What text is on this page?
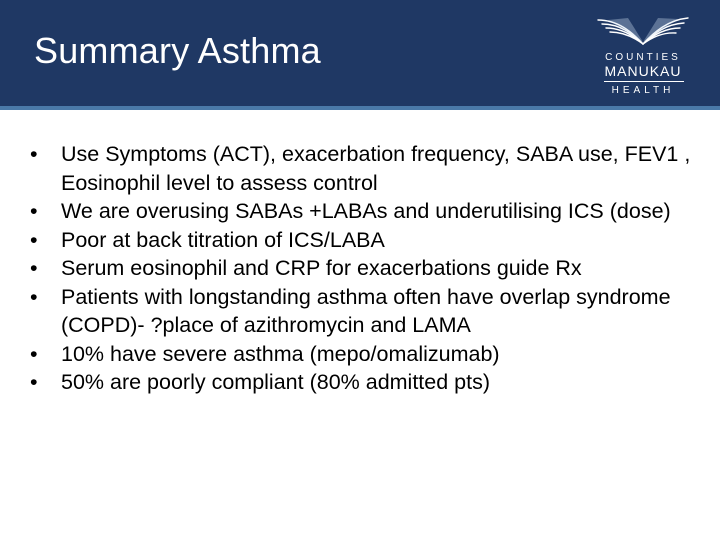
Summary Asthma	COUNTIES
MANUKAU
HEALTH
•	Use Symptoms (ACT), exacerbation frequency, SABA use, FEV1 , Eosinophil level to assess control
•	We are overusing SABAs +LABAs and underutilising ICS (dose)
•	Poor at back titration of ICS/LABA
•	Serum eosinophil and CRP for exacerbations guide Rx
•	Patients with longstanding asthma often have overlap syndrome (COPD)- ?place of azithromycin and LAMA
•	10% have severe asthma (mepo/omalizumab)
•	50% are poorly compliant (80% admitted pts)
